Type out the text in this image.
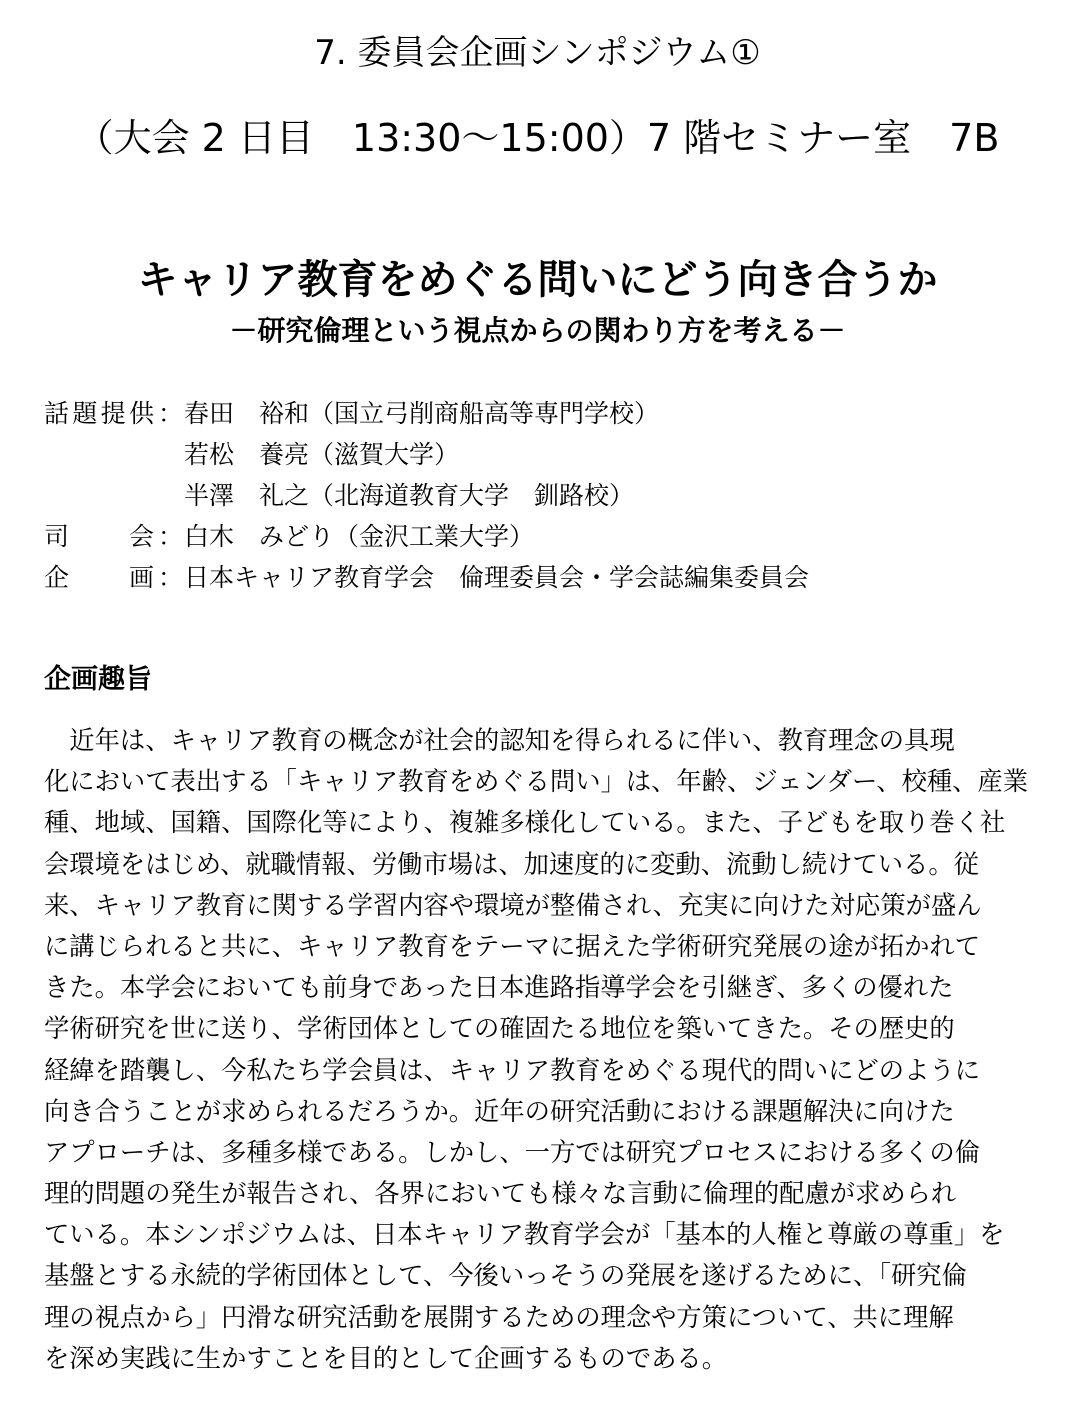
7. 委員会企画シンポジウム①
（大会 2 日目　13:30～15:00）7 階セミナー室　7B
キャリア教育をめぐる問いにどう向き合うか
－研究倫理という視点からの関わり方を考える－
話題提供 ： 春田　裕和（国立弓削商船高等専門学校）
若松　養亮（滋賀大学）
半澤　礼之（北海道教育大学　釧路校）
司　　会 ： 白木　みどり（金沢工業大学）
企　　画 ： 日本キャリア教育学会　倫理委員会・学会誌編集委員会
企画趣旨
　近年は、キャリア教育の概念が社会的認知を得られるに伴い、教育理念の具現
化において表出する「キャリア教育をめぐる問い」は、年齢、ジェンダー、校種、産業
種、地域、国籍、国際化等により、複雑多様化している。また、子どもを取り巻く社
会環境をはじめ、就職情報、労働市場は、加速度的に変動、流動し続けている。従
来、キャリア教育に関する学習内容や環境が整備され、充実に向けた対応策が盛ん
に講じられると共に、キャリア教育をテーマに据えた学術研究発展の途が拓かれて
きた。本学会においても前身であった日本進路指導学会を引継ぎ、多くの優れた
学術研究を世に送り、学術団体としての確固たる地位を築いてきた。その歴史的
経緯を踏襲し、今私たち学会員は、キャリア教育をめぐる現代的問いにどのように
向き合うことが求められるだろうか。近年の研究活動における課題解決に向けた
アプローチは、多種多様である。しかし、一方では研究プロセスにおける多くの倫
理的問題の発生が報告され、各界においても様々な言動に倫理的配慮が求められ
ている。本シンポジウムは、日本キャリア教育学会が「基本的人権と尊厳の尊重」を
基盤とする永続的学術団体として、今後いっそうの発展を遂げるために、「研究倫
理の視点から」円滑な研究活動を展開するための理念や方策について、共に理解
を深め実践に生かすことを目的として企画するものである。
